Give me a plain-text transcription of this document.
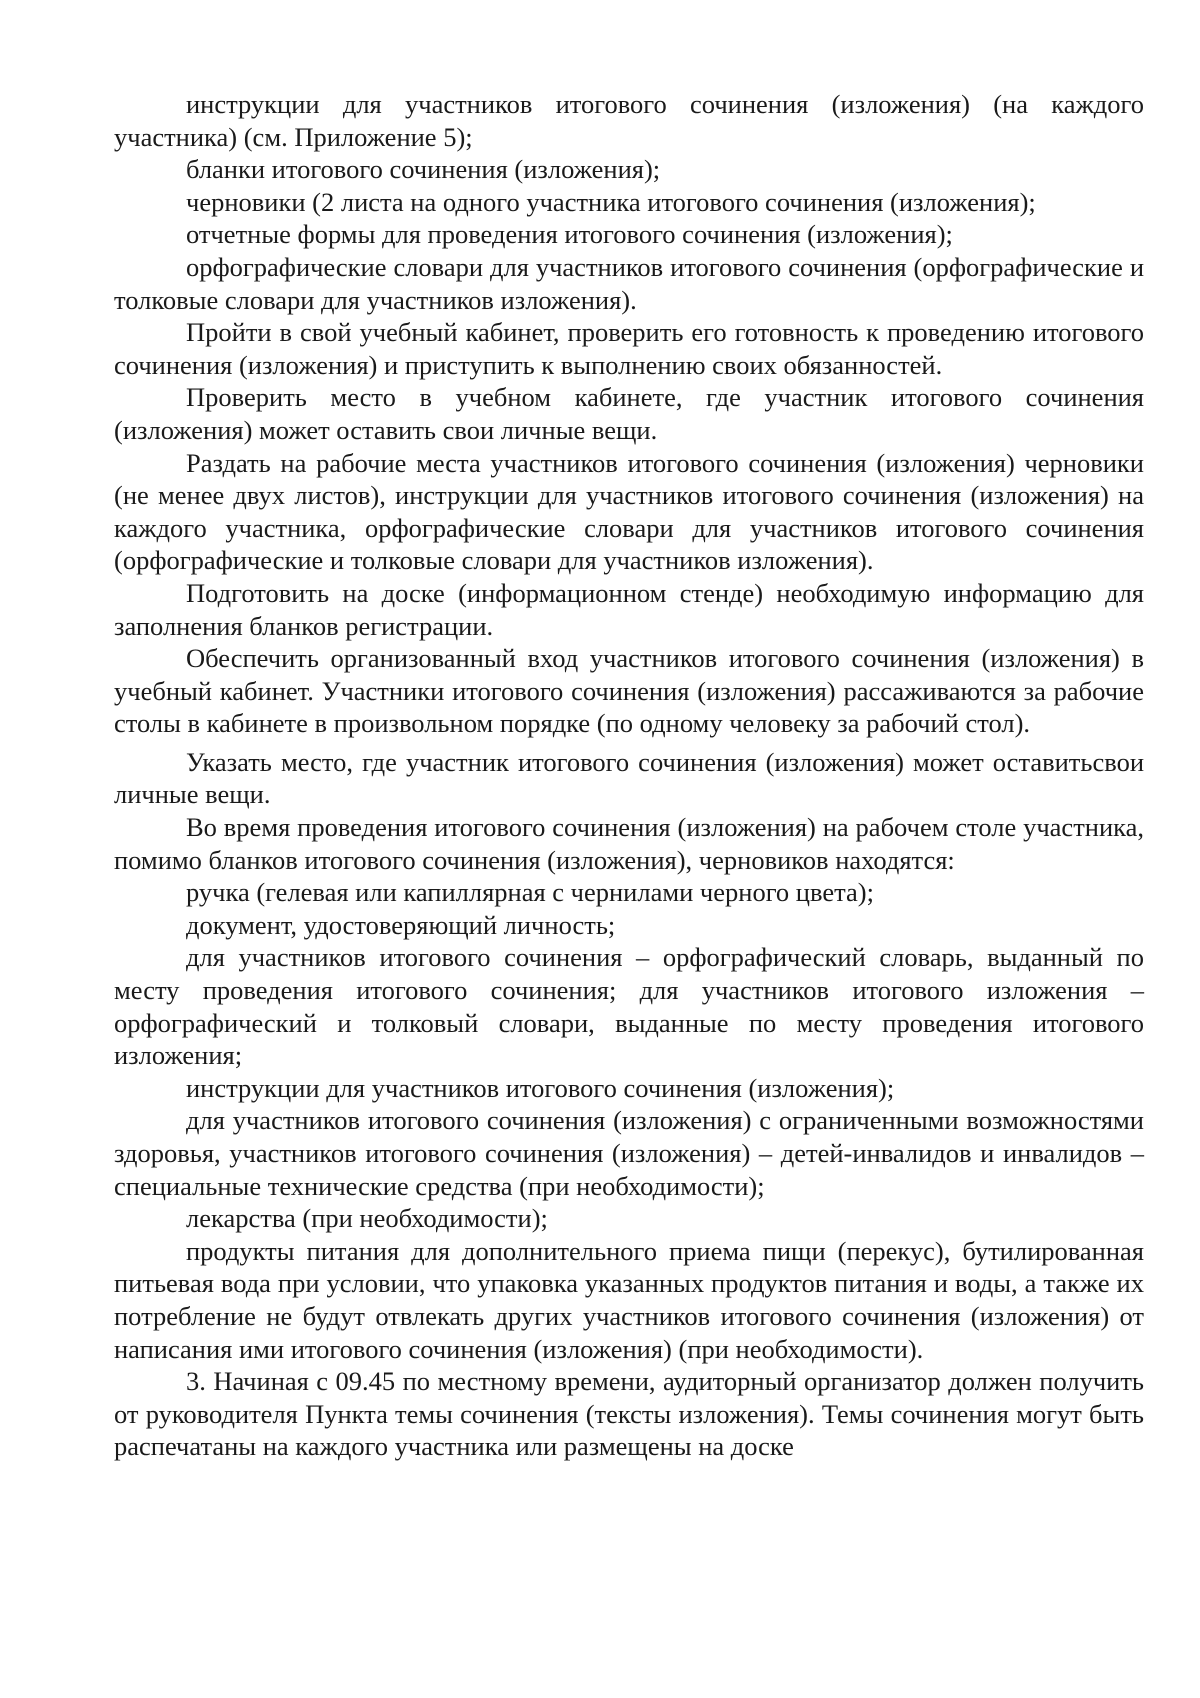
инструкции для участников итогового сочинения (изложения) (на каждого участника) (см. Приложение 5);

бланки итогового сочинения (изложения);

черновики (2 листа на одного участника итогового сочинения (изложения);

отчетные формы для проведения итогового сочинения (изложения);

орфографические словари для участников итогового сочинения (орфографические и толковые словари для участников изложения).

Пройти в свой учебный кабинет, проверить его готовность к проведению итогового сочинения (изложения) и приступить к выполнению своих обязанностей.

Проверить место в учебном кабинете, где участник итогового сочинения (изложения) может оставить свои личные вещи.

Раздать на рабочие места участников итогового сочинения (изложения) черновики (не менее двух листов), инструкции для участников итогового сочинения (изложения) на каждого участника, орфографические словари для участников итогового сочинения (орфографические и толковые словари для участников изложения).

Подготовить на доске (информационном стенде) необходимую информацию для заполнения бланков регистрации.

Обеспечить организованный вход участников итогового сочинения (изложения) в учебный кабинет. Участники итогового сочинения (изложения) рассаживаются за рабочие столы в кабинете в произвольном порядке (по одному человеку за рабочий стол).

Указать место, где участник итогового сочинения (изложения) может оставитьсвои личные вещи.

Во время проведения итогового сочинения (изложения) на рабочем столе участника, помимо бланков итогового сочинения (изложения), черновиков находятся:

ручка (гелевая или капиллярная с чернилами черного цвета);

документ, удостоверяющий личность;

для участников итогового сочинения – орфографический словарь, выданный по месту проведения итогового сочинения; для участников итогового изложения – орфографический и толковый словари, выданные по месту проведения итогового изложения;

инструкции для участников итогового сочинения (изложения);

для участников итогового сочинения (изложения) с ограниченными возможностями здоровья, участников итогового сочинения (изложения) – детей-инвалидов и инвалидов – специальные технические средства (при необходимости);

лекарства (при необходимости);

продукты питания для дополнительного приема пищи (перекус), бутилированная питьевая вода при условии, что упаковка указанных продуктов питания и воды, а также их потребление не будут отвлекать других участников итогового сочинения (изложения) от написания ими итогового сочинения (изложения) (при необходимости).

3. Начиная с 09.45 по местному времени, аудиторный организатор должен получить от руководителя Пункта темы сочинения (тексты изложения). Темы сочинения могут быть распечатаны на каждого участника или размещены на доске
